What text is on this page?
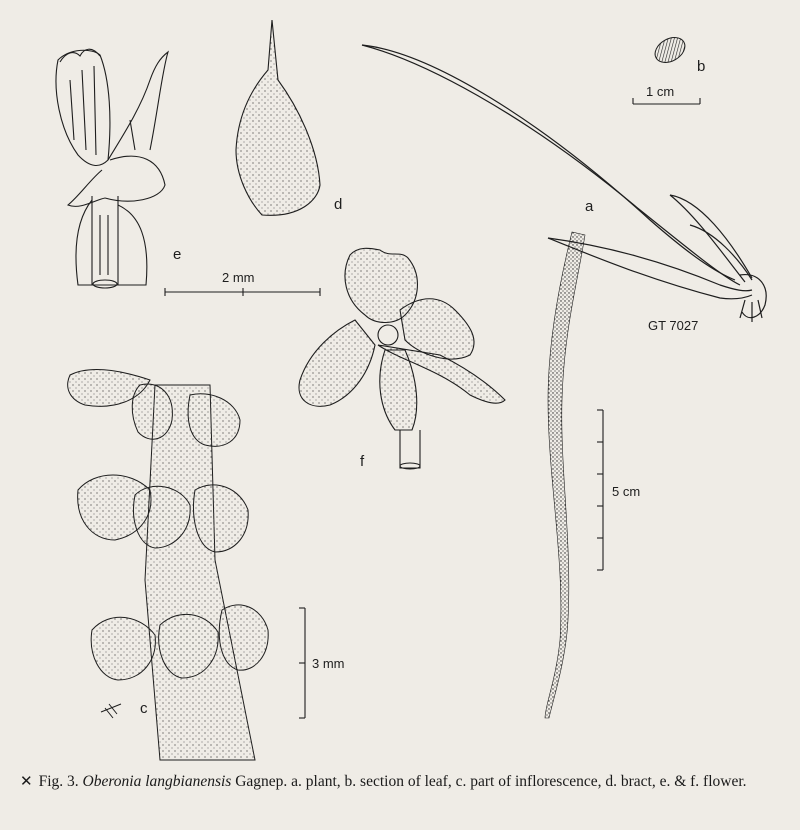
a
b
c
d
e
f
GT 7027
1 cm
2 mm
5 cm
3 mm
✕ Fig. 3. Oberonia langbianensis Gagnep. a. plant, b. section of leaf, c. part of inflorescence, d. bract, e. & f. flower.
